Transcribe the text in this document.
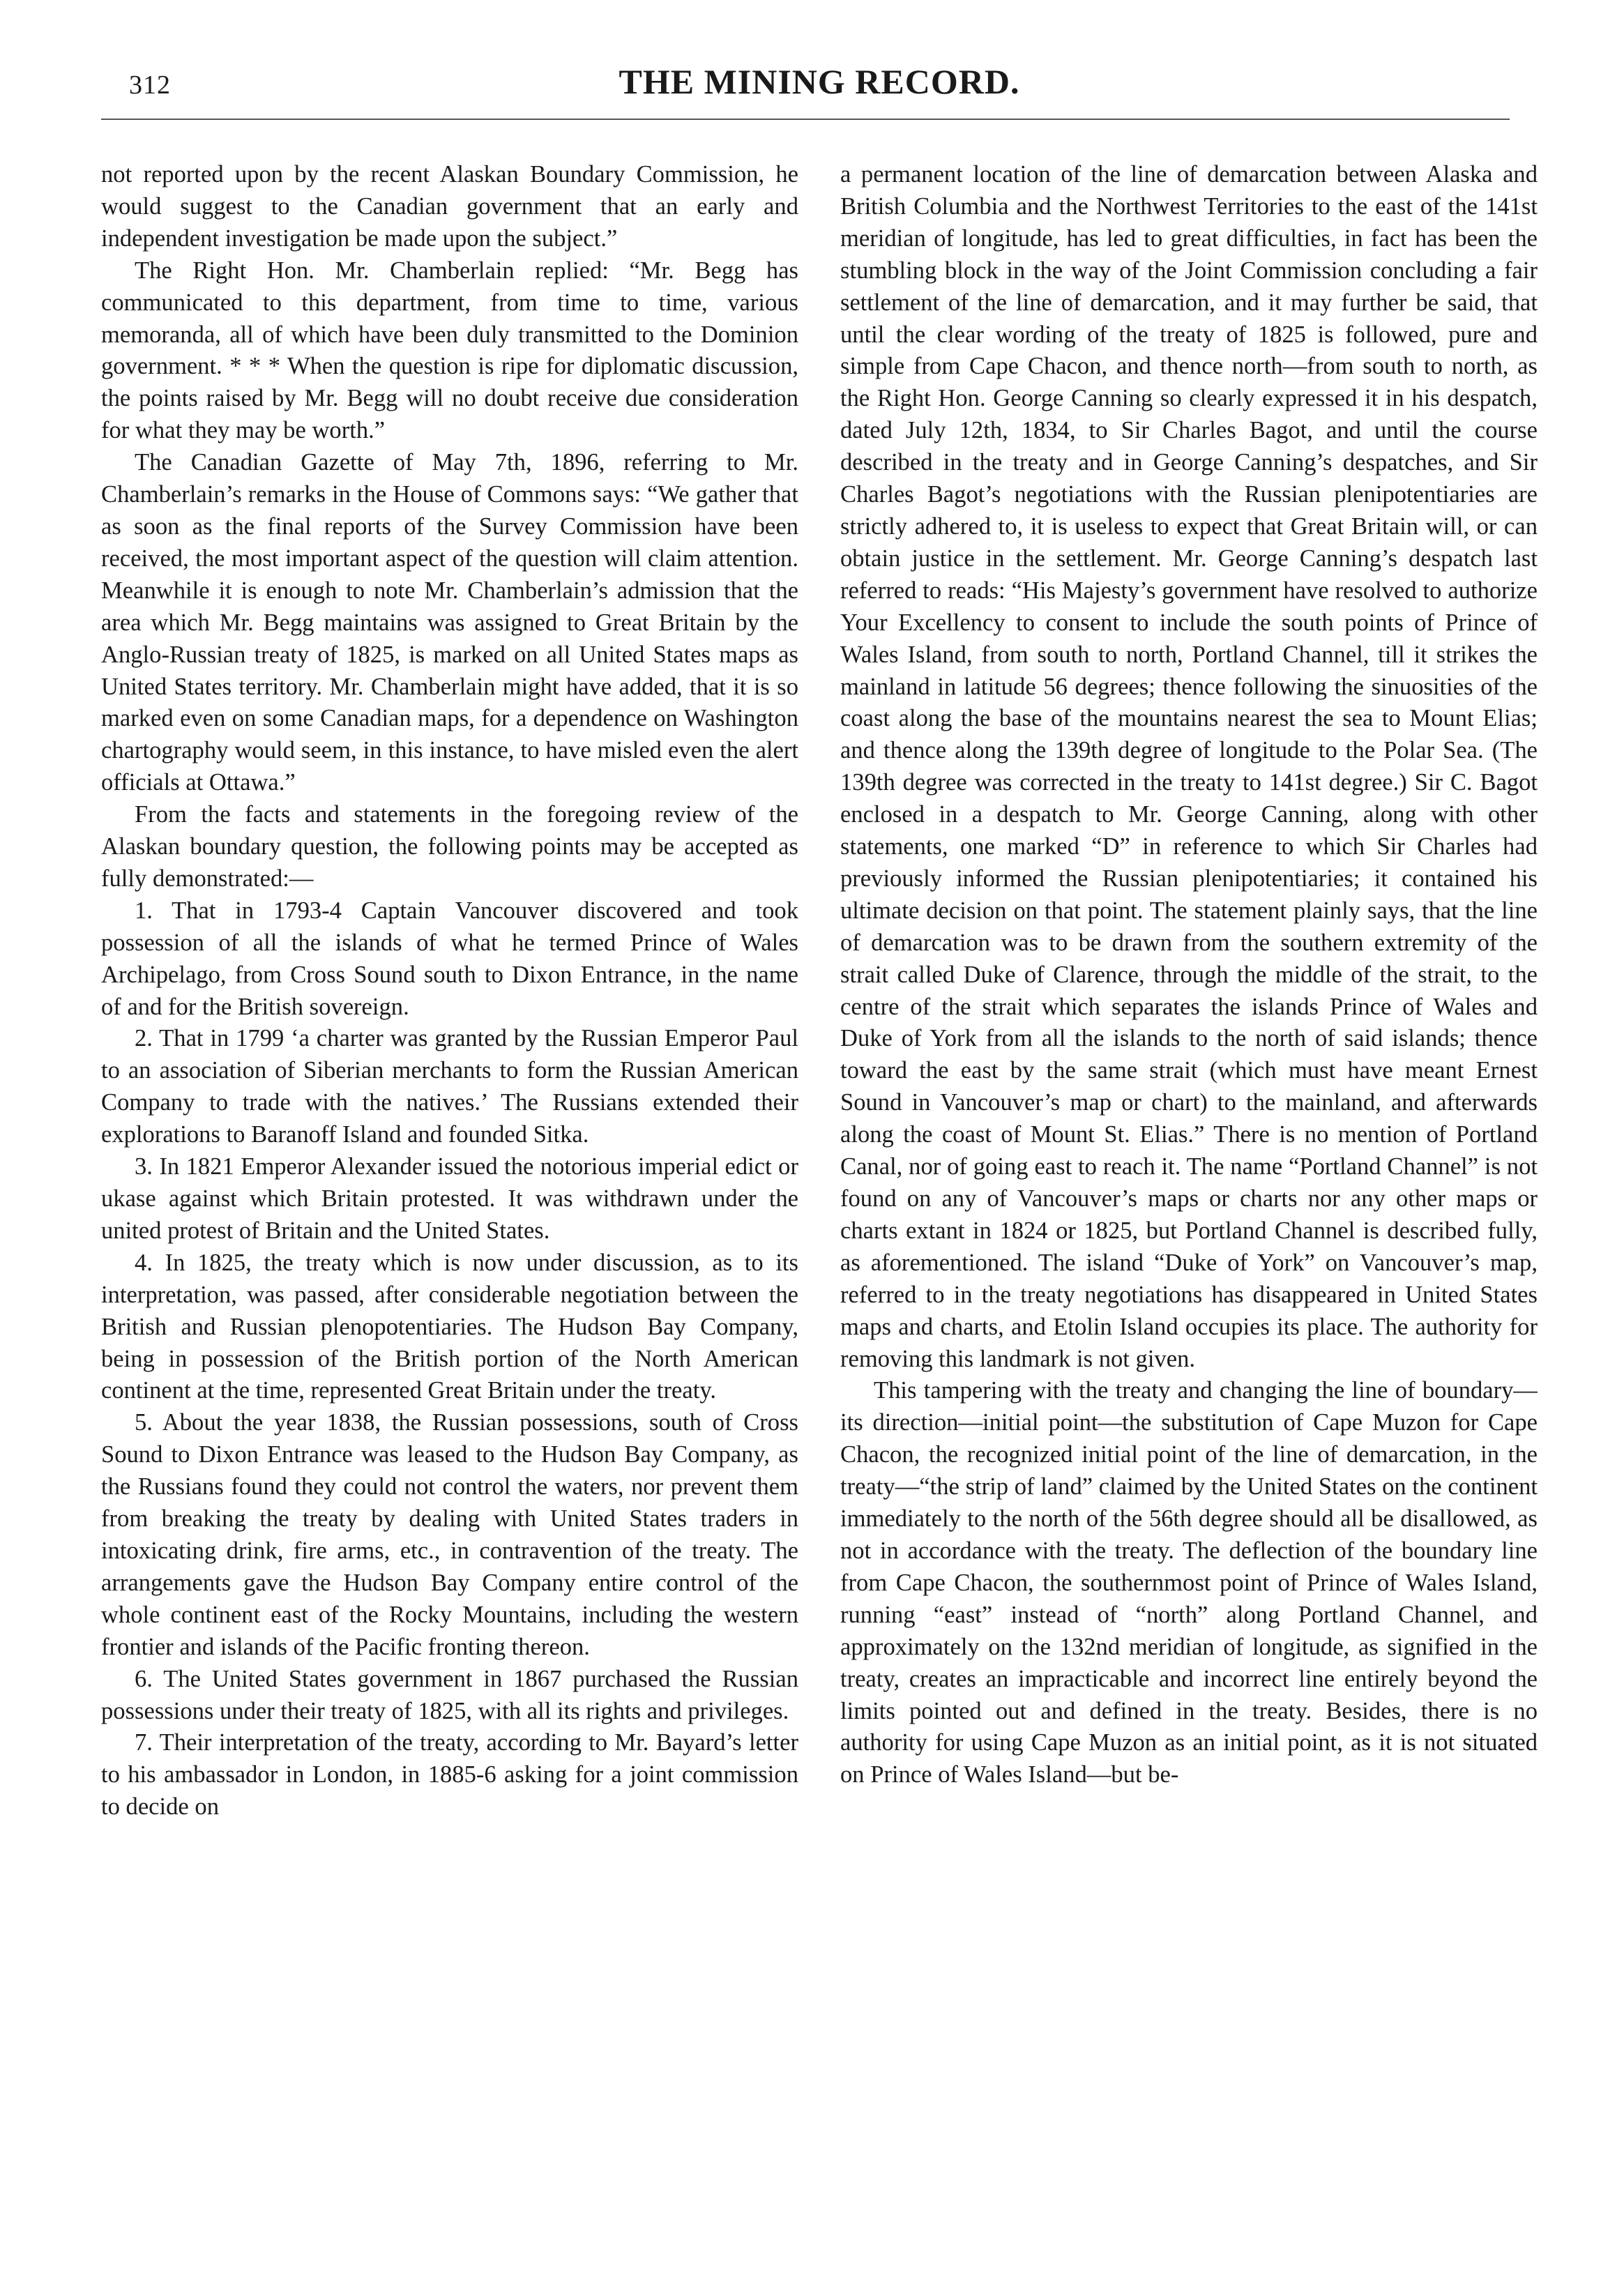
312	THE MINING RECORD.

not reported upon by the recent Alaskan Boundary Commission, he would suggest to the Canadian government that an early and independent investigation be made upon the subject.”

The Right Hon. Mr. Chamberlain replied: “Mr. Begg has communicated to this department, from time to time, various memoranda, all of which have been duly transmitted to the Dominion government. * * * When the question is ripe for diplomatic discussion, the points raised by Mr. Begg will no doubt receive due consideration for what they may be worth.”

The Canadian Gazette of May 7th, 1896, referring to Mr. Chamberlain’s remarks in the House of Commons says: “We gather that as soon as the final reports of the Survey Commission have been received, the most important aspect of the question will claim attention. Meanwhile it is enough to note Mr. Chamberlain’s admission that the area which Mr. Begg maintains was assigned to Great Britain by the Anglo-Russian treaty of 1825, is marked on all United States maps as United States territory. Mr. Chamberlain might have added, that it is so marked even on some Canadian maps, for a dependence on Washington chartography would seem, in this instance, to have misled even the alert officials at Ottawa.”

From the facts and statements in the foregoing review of the Alaskan boundary question, the following points may be accepted as fully demonstrated:—

1. That in 1793-4 Captain Vancouver discovered and took possession of all the islands of what he termed Prince of Wales Archipelago, from Cross Sound south to Dixon Entrance, in the name of and for the British sovereign.

2. That in 1799 ‘a charter was granted by the Russian Emperor Paul to an association of Siberian merchants to form the Russian American Company to trade with the natives.’ The Russians extended their explorations to Baranoff Island and founded Sitka.

3. In 1821 Emperor Alexander issued the notorious imperial edict or ukase against which Britain protested. It was withdrawn under the united protest of Britain and the United States.

4. In 1825, the treaty which is now under discussion, as to its interpretation, was passed, after considerable negotiation between the British and Russian plenopotentiaries. The Hudson Bay Company, being in possession of the British portion of the North American continent at the time, represented Great Britain under the treaty.

5. About the year 1838, the Russian possessions, south of Cross Sound to Dixon Entrance was leased to the Hudson Bay Company, as the Russians found they could not control the waters, nor prevent them from breaking the treaty by dealing with United States traders in intoxicating drink, fire arms, etc., in contravention of the treaty. The arrangements gave the Hudson Bay Company entire control of the whole continent east of the Rocky Mountains, including the western frontier and islands of the Pacific fronting thereon.

6. The United States government in 1867 purchased the Russian possessions under their treaty of 1825, with all its rights and privileges.

7. Their interpretation of the treaty, according to Mr. Bayard’s letter to his ambassador in London, in 1885-6 asking for a joint commission to decide on

a permanent location of the line of demarcation between Alaska and British Columbia and the Northwest Territories to the east of the 141st meridian of longitude, has led to great difficulties, in fact has been the stumbling block in the way of the Joint Commission concluding a fair settlement of the line of demarcation, and it may further be said, that until the clear wording of the treaty of 1825 is followed, pure and simple from Cape Chacon, and thence north—from south to north, as the Right Hon. George Canning so clearly expressed it in his despatch, dated July 12th, 1834, to Sir Charles Bagot, and until the course described in the treaty and in George Canning’s despatches, and Sir Charles Bagot’s negotiations with the Russian plenipotentiaries are strictly adhered to, it is useless to expect that Great Britain will, or can obtain justice in the settlement. Mr. George Canning’s despatch last referred to reads: “His Majesty’s government have resolved to authorize Your Excellency to consent to include the south points of Prince of Wales Island, from south to north, Portland Channel, till it strikes the mainland in latitude 56 degrees; thence following the sinuosities of the coast along the base of the mountains nearest the sea to Mount Elias; and thence along the 139th degree of longitude to the Polar Sea. (The 139th degree was corrected in the treaty to 141st degree.) Sir C. Bagot enclosed in a despatch to Mr. George Canning, along with other statements, one marked “D” in reference to which Sir Charles had previously informed the Russian plenipotentiaries; it contained his ultimate decision on that point. The statement plainly says, that the line of demarcation was to be drawn from the southern extremity of the strait called Duke of Clarence, through the middle of the strait, to the centre of the strait which separates the islands Prince of Wales and Duke of York from all the islands to the north of said islands; thence toward the east by the same strait (which must have meant Ernest Sound in Vancouver’s map or chart) to the mainland, and afterwards along the coast of Mount St. Elias.” There is no mention of Portland Canal, nor of going east to reach it. The name “Portland Channel” is not found on any of Vancouver’s maps or charts nor any other maps or charts extant in 1824 or 1825, but Portland Channel is described fully, as aforementioned. The island “Duke of York” on Vancouver’s map, referred to in the treaty negotiations has disappeared in United States maps and charts, and Etolin Island occupies its place. The authority for removing this landmark is not given.

This tampering with the treaty and changing the line of boundary—its direction—initial point—the substitution of Cape Muzon for Cape Chacon, the recognized initial point of the line of demarcation, in the treaty—“the strip of land” claimed by the United States on the continent immediately to the north of the 56th degree should all be disallowed, as not in accordance with the treaty. The deflection of the boundary line from Cape Chacon, the southernmost point of Prince of Wales Island, running “east” instead of “north” along Portland Channel, and approximately on the 132nd meridian of longitude, as signified in the treaty, creates an impracticable and incorrect line entirely beyond the limits pointed out and defined in the treaty. Besides, there is no authority for using Cape Muzon as an initial point, as it is not situated on Prince of Wales Island—but be-
